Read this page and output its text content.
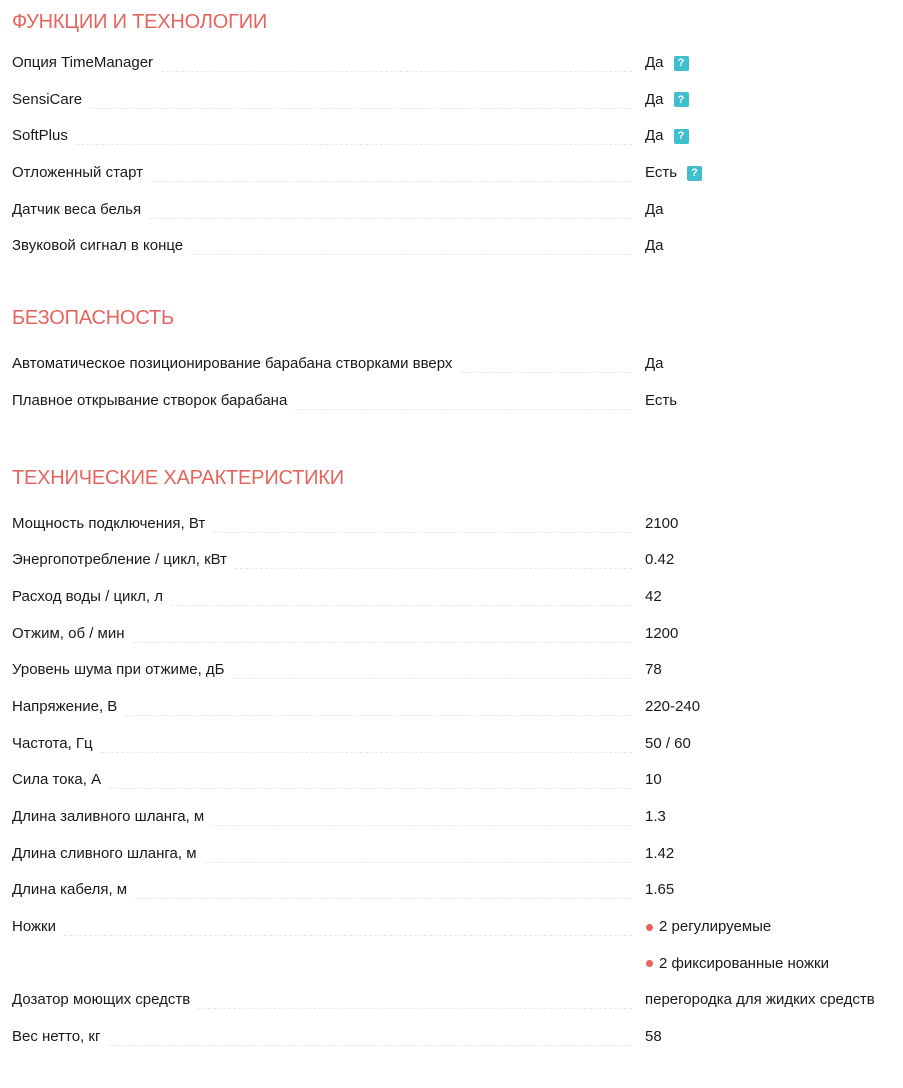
ФУНКЦИИ И ТЕХНОЛОГИИ
Опция TimeManager	Да	?
SensiCare	Да	?
SoftPlus	Да	?
Отложенный старт	Есть	?
Датчик веса белья	Да
Звуковой сигнал в конце	Да
БЕЗОПАСНОСТЬ
Автоматическое позиционирование барабана створками вверх	Да
Плавное открывание створок барабана	Есть
ТЕХНИЧЕСКИЕ ХАРАКТЕРИСТИКИ
Мощность подключения, Вт	2100
Энергопотребление / цикл, кВт	0.42
Расход воды / цикл, л	42
Отжим, об / мин	1200
Уровень шума при отжиме, дБ	78
Напряжение, В	220-240
Частота, Гц	50 / 60
Сила тока, А	10
Длина заливного шланга, м	1.3
Длина сливного шланга, м	1.42
Длина кабеля, м	1.65
Ножки	2 регулируемые
2 фиксированные ножки
Дозатор моющих средств	перегородка для жидких средств
Вес нетто, кг	58
